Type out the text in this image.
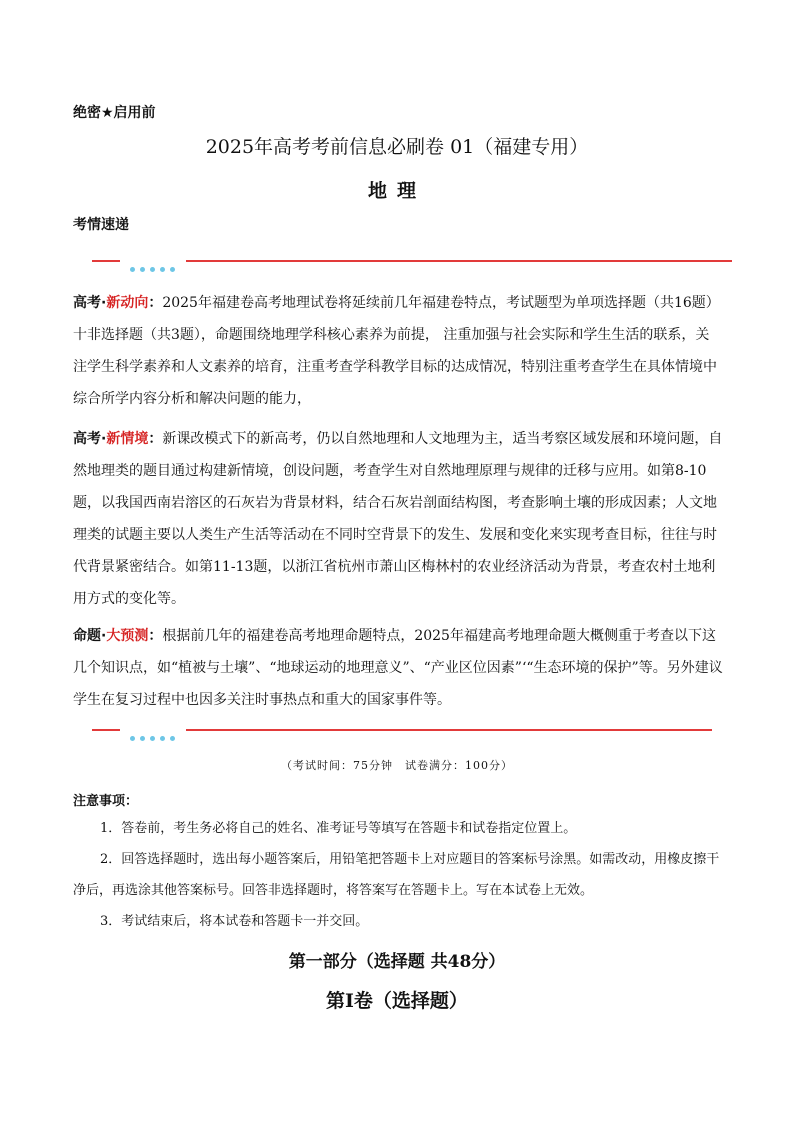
绝密★启用前
2025年高考考前信息必刷卷 01（福建专用）
地理
考情速递
高考·新动向：2025年福建卷高考地理试卷将延续前几年福建卷特点，考试题型为单项选择题（共16题）十非选择题（共3题），命题围绕地理学科核心素养为前提， 注重加强与社会实际和学生生活的联系，关注学生科学素养和人文素养的培育，注重考查学科教学目标的达成情况，特别注重考查学生在具体情境中综合所学内容分析和解决问题的能力，
高考·新情境：新课改模式下的新高考，仍以自然地理和人文地理为主，适当考察区域发展和环境问题，自然地理类的题目通过构建新情境，创设问题，考查学生对自然地理原理与规律的迁移与应用。如第8-10题，以我国西南岩溶区的石灰岩为背景材料，结合石灰岩剖面结构图，考查影响土壤的形成因素；人文地理类的试题主要以人类生产生活等活动在不同时空背景下的发生、发展和变化来实现考查目标，往往与时代背景紧密结合。如第11-13题，以浙江省杭州市萧山区梅林村的农业经济活动为背景，考查农村土地利用方式的变化等。
命题·大预测：根据前几年的福建卷高考地理命题特点，2025年福建高考地理命题大概侧重于考查以下这几个知识点，如“植被与土壤”、“地球运动的地理意义”、“产业区位因素”‘“生态环境的保护”等。另外建议学生在复习过程中也因多关注时事热点和重大的国家事件等。
（考试时间：75分钟　试卷满分：100分）
注意事项：
1．答卷前，考生务必将自己的姓名、准考证号等填写在答题卡和试卷指定位置上。
2．回答选择题时，选出每小题答案后，用铅笔把答题卡上对应题目的答案标号涂黑。如需改动，用橡皮擦干净后，再选涂其他答案标号。回答非选择题时，将答案写在答题卡上。写在本试卷上无效。
3．考试结束后，将本试卷和答题卡一并交回。
第一部分（选择题 共48分）
第Ⅰ卷（选择题）
